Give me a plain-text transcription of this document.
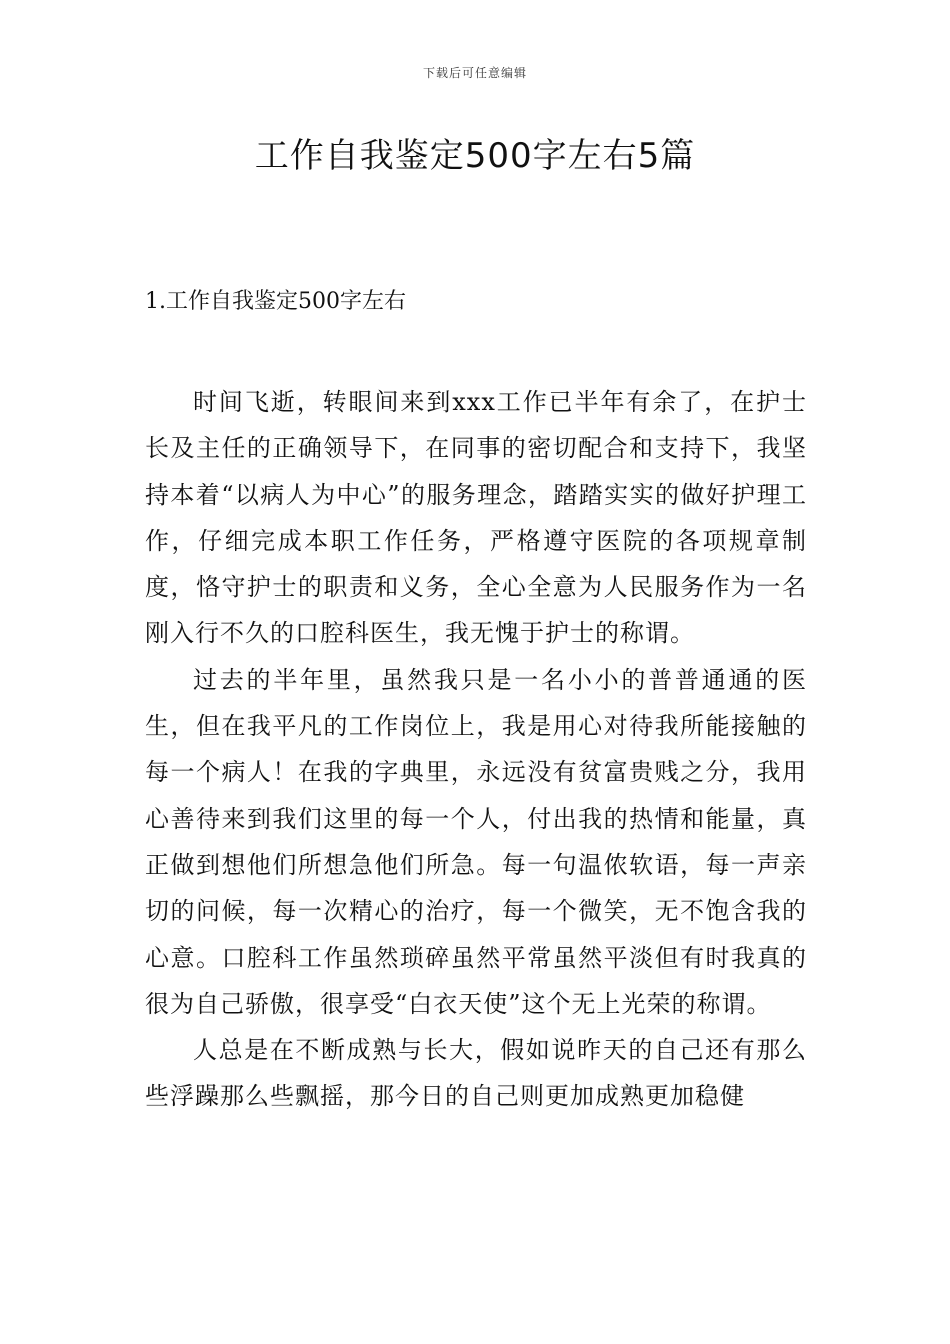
下载后可任意编辑
工作自我鉴定500字左右5篇
1.工作自我鉴定500字左右

时间飞逝，转眼间来到xxx工作已半年有余了，在护士长及主任的正确领导下，在同事的密切配合和支持下，我坚持本着“以病人为中心”的服务理念，踏踏实实的做好护理工作，仔细完成本职工作任务，严格遵守医院的各项规章制度，恪守护士的职责和义务，全心全意为人民服务作为一名刚入行不久的口腔科医生，我无愧于护士的称谓。

过去的半年里，虽然我只是一名小小的普普通通的医生，但在我平凡的工作岗位上，我是用心对待我所能接触的每一个病人！在我的字典里，永远没有贫富贵贱之分，我用心善待来到我们这里的每一个人，付出我的热情和能量，真正做到想他们所想急他们所急。每一句温侬软语，每一声亲切的问候，每一次精心的治疗，每一个微笑，无不饱含我的心意。口腔科工作虽然琐碎虽然平常虽然平淡但有时我真的很为自己骄傲，很享受“白衣天使”这个无上光荣的称谓。

人总是在不断成熟与长大，假如说昨天的自己还有那么些浮躁那么些飘摇，那今日的自己则更加成熟更加稳健
